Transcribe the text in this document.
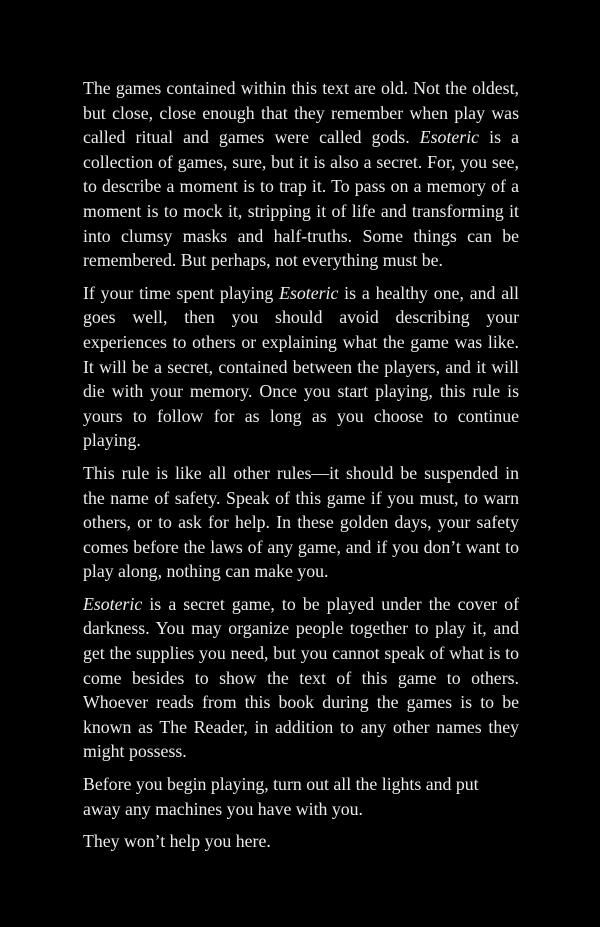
The games contained within this text are old. Not the oldest, but close, close enough that they remember when play was called ritual and games were called gods. Esoteric is a collection of games, sure, but it is also a secret. For, you see, to describe a moment is to trap it. To pass on a memory of a moment is to mock it, stripping it of life and transforming it into clumsy masks and half-truths. Some things can be remembered. But perhaps, not everything must be.

If your time spent playing Esoteric is a healthy one, and all goes well, then you should avoid describing your experiences to others or explaining what the game was like. It will be a secret, contained between the players, and it will die with your memory. Once you start playing, this rule is yours to follow for as long as you choose to continue playing.

This rule is like all other rules—it should be suspended in the name of safety. Speak of this game if you must, to warn others, or to ask for help. In these golden days, your safety comes before the laws of any game, and if you don’t want to play along, nothing can make you.

Esoteric is a secret game, to be played under the cover of darkness. You may organize people together to play it, and get the supplies you need, but you cannot speak of what is to come besides to show the text of this game to others. Whoever reads from this book during the games is to be known as The Reader, in addition to any other names they might possess.

Before you begin playing, turn out all the lights and put away any machines you have with you.

They won’t help you here.
